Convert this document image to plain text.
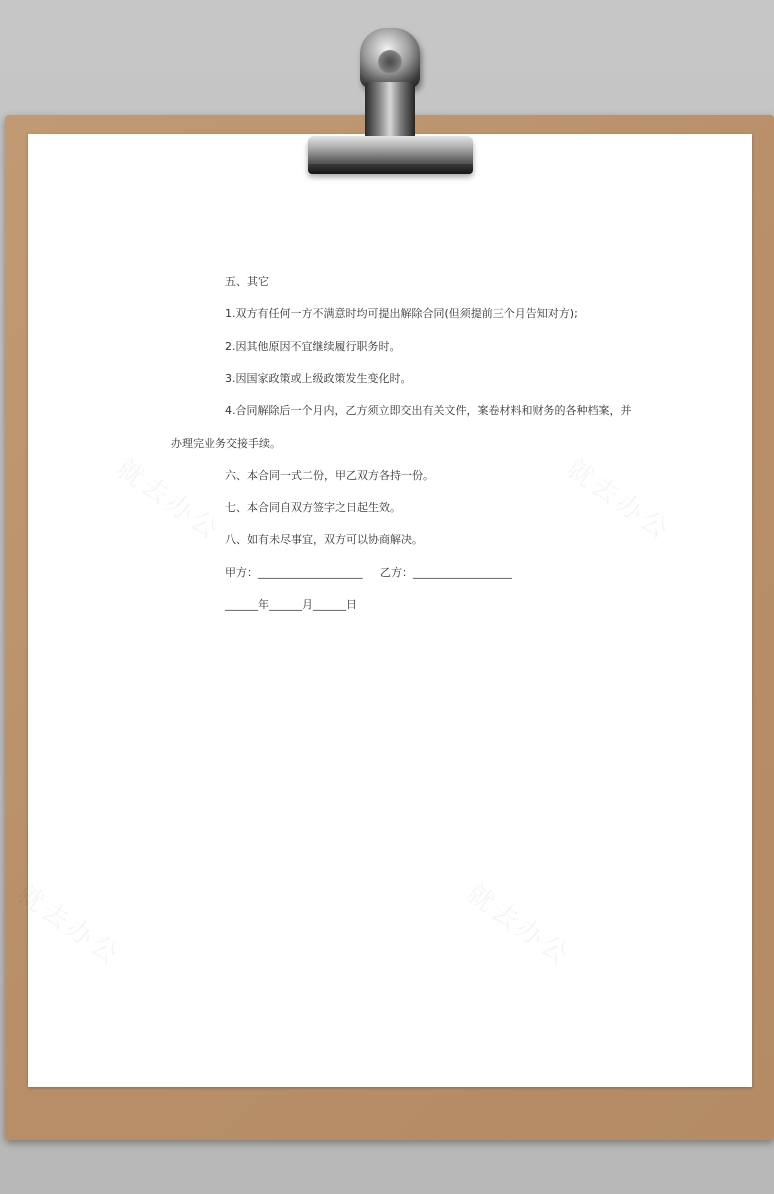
五、其它
1.双方有任何一方不满意时均可提出解除合同(但须提前三个月告知对方);
2.因其他原因不宜继续履行职务时。
3.因国家政策或上级政策发生变化时。
4.合同解除后一个月内，乙方须立即交出有关文件，案卷材料和财务的各种档案，并
办理完业务交接手续。
六、本合同一式二份，甲乙双方各持一份。
七、本合同自双方签字之日起生效。
八、如有未尽事宜，双方可以协商解决。
甲方：___________________ 乙方：__________________
______年______月______日
